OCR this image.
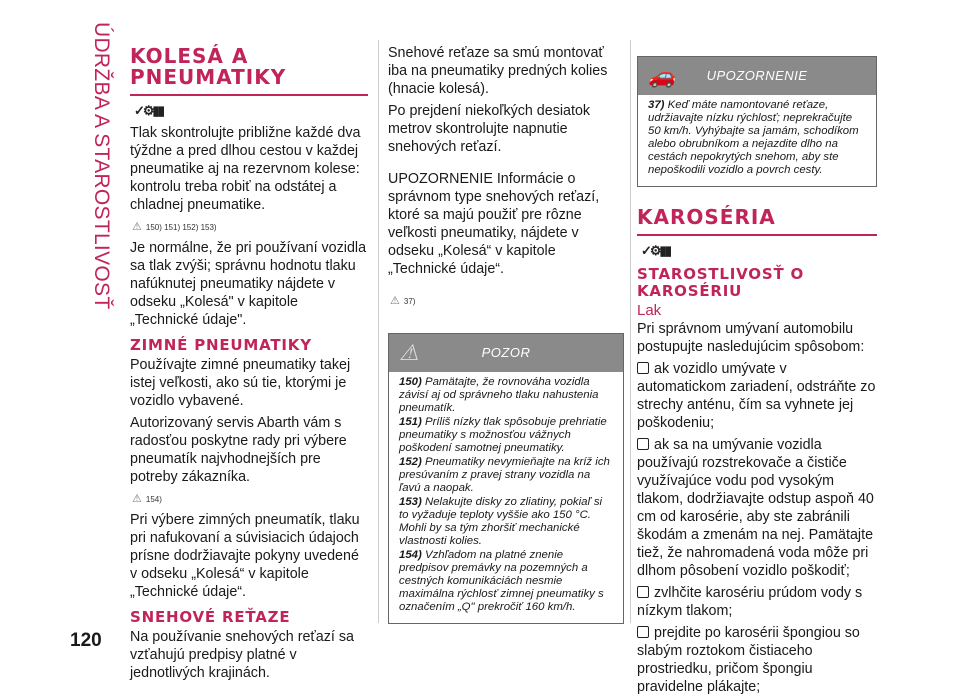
ÚDRŽBA A STAROSTLIVOSŤ KOLESÁ A
PNEUMATIKY
✓⚙▮▮

Tlak skontrolujte približne každé dva týždne a pred dlhou cestou v každej pneumatike aj na rezervnom kolese: kontrolu treba robiť na odstátej a chladnej pneumatike.

⚠ 150) 151) 152) 153)

Je normálne, že pri používaní vozidla sa tlak zvýši; správnu hodnotu tlaku nafúknutej pneumatiky nájdete v odseku „Kolesá" v kapitole „Technické údaje".

ZIMNÉ PNEUMATIKY

Používajte zimné pneumatiky takej istej veľkosti, ako sú tie, ktorými je vozidlo vybavené.

Autorizovaný servis Abarth vám s radosťou poskytne rady pri výbere pneumatík najvhodnejších pre potreby zákazníka.

⚠ 154)

Pri výbere zimných pneumatík, tlaku pri nafukovaní a súvisiacich údajoch prísne dodržiavajte pokyny uvedené v odseku „Kolesá“ v kapitole „Technické údaje“.

SNEHOVÉ REŤAZE

Na používanie snehových reťazí sa vzťahujú predpisy platné v jednotlivých krajinách.

Snehové reťaze sa smú montovať iba na pneumatiky predných kolies (hnacie kolesá).

Po prejdení niekoľkých desiatok metrov skontrolujte napnutie snehových reťazí.

UPOZORNENIE Informácie o správnom type snehových reťazí, ktoré sa majú použiť pre rôzne veľkosti pneumatiky, nájdete v odseku „Kolesá“ v kapitole „Technické údaje“.

⚠ 37)
⚠	POZOR

150) Pamätajte, že rovnováha vozidla závisí aj od správneho tlaku nahustenia pneumatík.

151) Príliš nízky tlak spôsobuje prehriatie pneumatiky s možnosťou vážnych poškodení samotnej pneumatiky.

152) Pneumatiky nevymieňajte na kríž ich presúvaním z pravej strany vozidla na ľavú a naopak.

153) Nelakujte disky zo zliatiny, pokiaľ si to vyžaduje teploty vyššie ako 150 °C. Mohli by sa tým zhoršiť mechanické vlastnosti kolies.

154) Vzhľadom na platné znenie predpisov premávky na pozemných a cestných komunikáciách nesmie maximálna rýchlosť zimnej pneumatiky s označením „Q" prekročiť 160 km/h.

🚗 UPOZORNENIE

37) Keď máte namontované reťaze, udržiavajte nízku rýchlosť; neprekračujte 50 km/h. Vyhýbajte sa jamám, schodíkom alebo obrubníkom a nejazdite dlho na cestách nepokrytých snehom, aby ste nepoškodili vozidlo a povrch cesty.

KAROSÉRIA
✓⚙▮▮
STAROSTLIVOSŤ O
KAROSÉRIU
Lak

Pri správnom umývaní automobilu postupujte nasledujúcim spôsobom:

ak vozidlo umývate v automatickom zariadení, odstráňte zo strechy anténu, čím sa vyhnete jej poškodeniu;

ak sa na umývanie vozidla používajú rozstrekovače a čističe využívajúce vodu pod vysokým tlakom, dodržiavajte odstup aspoň 40 cm od karosérie, aby ste zabránili škodám a zmenám na nej. Pamätajte tiež, že nahromadená voda môže pri dlhom pôsobení vozidlo poškodiť;

zvlhčite karosériu prúdom vody s nízkym tlakom;

prejdite po karosérii špongiou so slabým roztokom čistiaceho prostriedku, pričom špongiu pravidelne plákajte;

120
